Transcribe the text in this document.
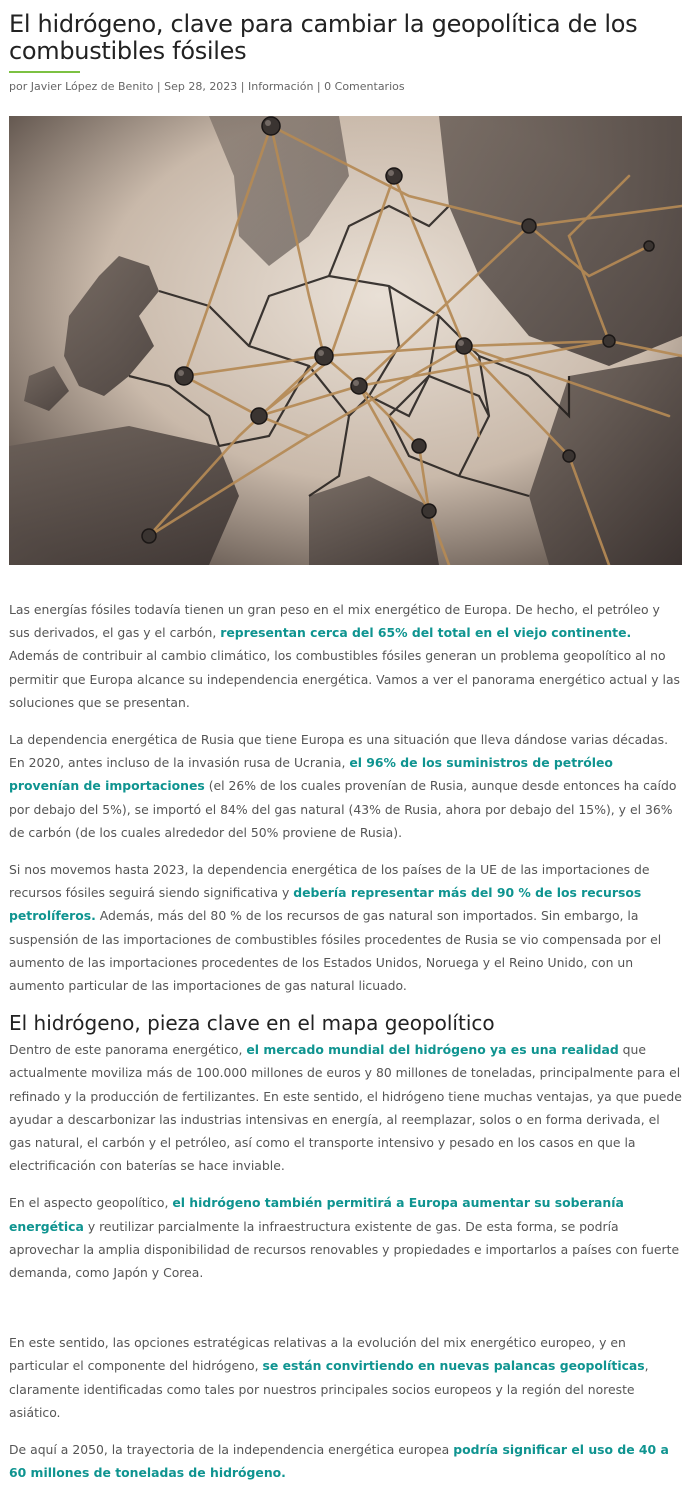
El hidrógeno, clave para cambiar la geopolítica de los combustibles fósiles
por Javier López de Benito | Sep 28, 2023 | Información | 0 Comentarios

Las energías fósiles todavía tienen un gran peso en el mix energético de Europa. De hecho, el petróleo y sus derivados, el gas y el carbón, representan cerca del 65% del total en el viejo continente. Además de contribuir al cambio climático, los combustibles fósiles generan un problema geopolítico al no permitir que Europa alcance su independencia energética. Vamos a ver el panorama energético actual y las soluciones que se presentan.

La dependencia energética de Rusia que tiene Europa es una situación que lleva dándose varias décadas. En 2020, antes incluso de la invasión rusa de Ucrania, el 96% de los suministros de petróleo provenían de importaciones (el 26% de los cuales provenían de Rusia, aunque desde entonces ha caído por debajo del 5%), se importó el 84% del gas natural (43% de Rusia, ahora por debajo del 15%), y el 36% de carbón (de los cuales alrededor del 50% proviene de Rusia).

Si nos movemos hasta 2023, la dependencia energética de los países de la UE de las importaciones de recursos fósiles seguirá siendo significativa y debería representar más del 90 % de los recursos petrolíferos. Además, más del 80 % de los recursos de gas natural son importados. Sin embargo, la suspensión de las importaciones de combustibles fósiles procedentes de Rusia se vio compensada por el aumento de las importaciones procedentes de los Estados Unidos, Noruega y el Reino Unido, con un aumento particular de las importaciones de gas natural licuado.

El hidrógeno, pieza clave en el mapa geopolítico

Dentro de este panorama energético, el mercado mundial del hidrógeno ya es una realidad que actualmente moviliza más de 100.000 millones de euros y 80 millones de toneladas, principalmente para el refinado y la producción de fertilizantes. En este sentido, el hidrógeno tiene muchas ventajas, ya que puede ayudar a descarbonizar las industrias intensivas en energía, al reemplazar, solos o en forma derivada, el gas natural, el carbón y el petróleo, así como el transporte intensivo y pesado en los casos en que la electrificación con baterías se hace inviable.

En el aspecto geopolítico, el hidrógeno también permitirá a Europa aumentar su soberanía energética y reutilizar parcialmente la infraestructura existente de gas. De esta forma, se podría aprovechar la amplia disponibilidad de recursos renovables y propiedades e importarlos a países con fuerte demanda, como Japón y Corea.

En este sentido, las opciones estratégicas relativas a la evolución del mix energético europeo, y en particular el componente del hidrógeno, se están convirtiendo en nuevas palancas geopolíticas, claramente identificadas como tales por nuestros principales socios europeos y la región del noreste asiático.

De aquí a 2050, la trayectoria de la independencia energética europea podría significar el uso de 40 a 60 millones de toneladas de hidrógeno.
